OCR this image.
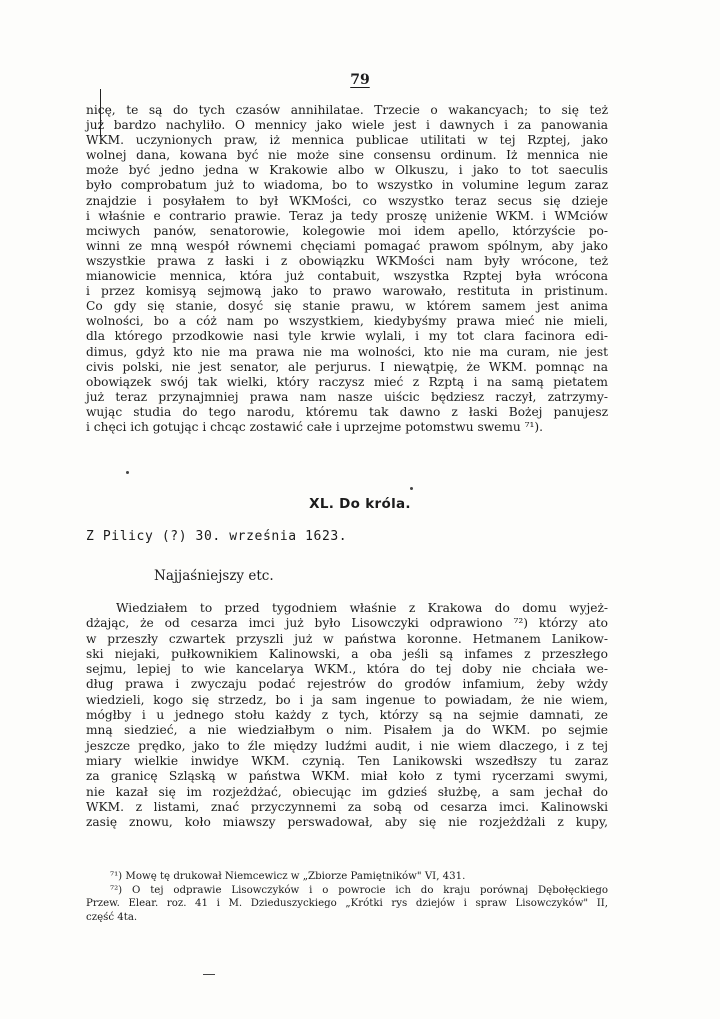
79
nicę, te są do tych czasów annihilatae. Trzecie o wakancyach; to się też
już bardzo nachyliło. O mennicy jako wiele jest i dawnych i za panowania
WKM. uczynionych praw, iż mennica publicae utilitati w tej Rzptej, jako
wolnej dana, kowana być nie może sine consensu ordinum. Iż mennica nie
może być jedno jedna w Krakowie albo w Olkuszu, i jako to tot saeculis
było comprobatum już to wiadoma, bo to wszystko in volumine legum zaraz
znajdzie i posyłałem to był WKMości, co wszystko teraz secus się dzieje
i właśnie e contrario prawie. Teraz ja tedy proszę uniżenie WKM. i WMciów
mciwych panów, senatorowie, kolegowie moi idem apello, którzyście po-
winni ze mną wespół równemi chęciami pomagać prawom spólnym, aby jako
wszystkie prawa z łaski i z obowiązku WKMości nam były wrócone, też
mianowicie mennica, która już contabuit, wszystka Rzptej była wrócona
i przez komisyą sejmową jako to prawo warowało, restituta in pristinum.
Co gdy się stanie, dosyć się stanie prawu, w którem samem jest anima
wolności, bo a cóż nam po wszystkiem, kiedybyśmy prawa mieć nie mieli,
dla którego przodkowie nasi tyle krwie wylali, i my tot clara facinora edi-
dimus, gdyż kto nie ma prawa nie ma wolności, kto nie ma curam, nie jest
civis polski, nie jest senator, ale perjurus. I niewątpię, że WKM. pomnąc na
obowiązek swój tak wielki, który raczysz mieć z Rzptą i na samą pietatem
już teraz przynajmniej prawa nam nasze uiścic będziesz raczył, zatrzymy-
wując studia do tego narodu, któremu tak dawno z łaski Bożej panujesz
i chęci ich gotując i chcąc zostawić całe i uprzejme potomstwu swemu ⁷¹).
XL. Do króla.
Z Pilicy (?) 30. września 1623.
Najjaśniejszy etc.
Wiedziałem to przed tygodniem właśnie z Krakowa do domu wyjeż-
dżając, że od cesarza imci już było Lisowczyki odprawiono ⁷²) którzy ato
w przeszły czwartek przyszli już w państwa koronne. Hetmanem Lanikow-
ski niejaki, pułkownikiem Kalinowski, a oba jeśli są infames z przeszłego
sejmu, lepiej to wie kancelarya WKM., która do tej doby nie chciała we-
dług prawa i zwyczaju podać rejestrów do grodów infamium, żeby wżdy
wiedzieli, kogo się strzedz, bo i ja sam ingenue to powiadam, że nie wiem,
mógłby i u jednego stołu każdy z tych, którzy są na sejmie damnati, ze
mną siedzieć, a nie wiedziałbym o nim. Pisałem ja do WKM. po sejmie
jeszcze prędko, jako to źle między ludźmi audit, i nie wiem dlaczego, i z tej
miary wielkie inwidye WKM. czynią. Ten Lanikowski wszedłszy tu zaraz
za granicę Szląską w państwa WKM. miał koło z tymi rycerzami swymi,
nie kazał się im rozjeżdżać, obiecując im gdzieś służbę, a sam jechał do
WKM. z listami, znać przyczynnemi za sobą od cesarza imci. Kalinowski
zasię znowu, koło miawszy perswadował, aby się nie rozjeżdżali z kupy,
⁷¹) Mowę tę drukował Niemcewicz w „Zbiorze Pamiętników" VI, 431.
⁷²) O tej odprawie Lisowczyków i o powrocie ich do kraju porównaj Dębołęckiego
Przew. Elear. roz. 41 i M. Dzieduszyckiego „Krótki rys dziejów i spraw Lisowczyków" II,
część 4ta.
